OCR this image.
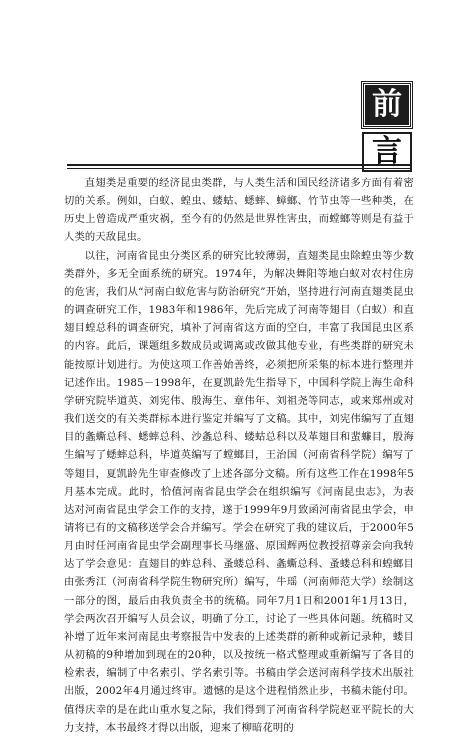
前
言

直翅类是重要的经济昆虫类群，与人类生活和国民经济诸多方面有着密切的关系。例如，白蚁、蝗虫、蝼蛄、蟋蟀、蟑螂、竹节虫等一些种类，在历史上曾造成严重灾祸，至今有的仍然是世界性害虫，而螳螂等则是有益于人类的天敌昆虫。

以往，河南省昆虫分类区系的研究比较薄弱，直翅类昆虫除蝗虫等少数类群外，多无全面系统的研究。1974年，为解决舞阳等地白蚁对农村住房的危害，我们从“河南白蚁危害与防治研究”开始，坚持进行河南直翅类昆虫的调查研究工作，1983年和1986年，先后完成了河南等翅目（白蚁）和直翅目蝗总科的调查研究，填补了河南省这方面的空白，丰富了我国昆虫区系的内容。此后，课题组多数成员或调离或改做其他专业，有些类群的研究未能按原计划进行。为使这项工作善始善终，必须把所采集的标本进行整理并记述作出。1985－1998年，在夏凯龄先生指导下，中国科学院上海生命科学研究院毕道英、刘宪伟、殷海生、章伟年、刘祖尧等同志，或来郑州或对我们送交的有关类群标本进行鉴定并编写了文稿。其中，刘宪伟编写了直翅目的螽蟖总科、蟋蟀总科、沙螽总科、蝼蛄总科以及革翅目和蜚蠊目，殷海生编写了蟋蟀总科，毕道英编写了螳螂目，王治国（河南省科学院）编写了等翅目，夏凯龄先生审查修改了上述各部分文稿。所有这些工作在1998年5月基本完成。此时，恰值河南省昆虫学会在组织编写《河南昆虫志》，为表达对河南省昆虫学会工作的支持，遂于1999年9月致函河南省昆虫学会，申请将已有的文稿移送学会合并编写。学会在研究了我的建议后，于2000年5月由时任河南省昆虫学会副理事长马继盛、原国辉两位教授招尊亲会向我转达了学会意见：直翅目的蚱总科、蚤蝼总科、螽蟖总科、蚤蝼总科和蝗螂目由张秀江（河南省科学院生物研究所）编写，牛瑶（河南师范大学）绘制这一部分的图，最后由我负责全书的统稿。同年7月1日和2001年1月13日，学会两次召开编写人员会议，明确了分工，讨论了一些具体问题。统稿时又补增了近年来河南昆虫考察报告中发表的上述类群的新种或新记录种，蝼目从初稿的9种增加到现在的20种，以及按统一格式整理或重新编写了各目的检索表，编制了中名索引、学名索引等。书稿由学会送河南科学技术出版社出版，2002年4月通过终审。遗憾的是这个进程悄然止步，书稿未能付印。值得庆幸的是在此山重水复之际，我们得到了河南省科学院赵亚平院长的大力支持，本书最终才得以出版，迎来了柳暗花明的
